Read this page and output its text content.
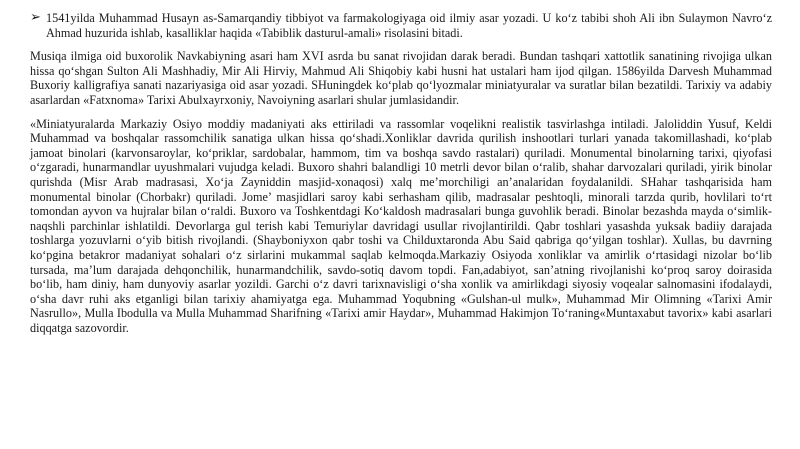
➢ 1541yilda Muhammad Husayn as-Samarqandiy tibbiyot va farmakologiyaga oid ilmiy asar yozadi. U ko‘z tabibi shoh Ali ibn Sulaymon Navro‘z Ahmad huzurida ishlab, kasalliklar haqida «Tabiblik dasturul-amali» risolasini bitadi.

Musiqa ilmiga oid buxorolik Navkabiyning asari ham XVI asrda bu sanat rivojidan darak beradi. Bundan tashqari xattotlik sanatining rivojiga ulkan hissa qo‘shgan Sulton Ali Mashhadiy, Mir Ali Hirviy, Mahmud Ali Shiqobiy kabi husni hat ustalari ham ijod qilgan. 1586yilda Darvesh Muhammad Buxoriy kalligrafiya sanati nazariyasiga oid asar yozadi. SHuningdek ko‘plab qo‘lyozmalar miniatyuralar va suratlar bilan bezatildi. Tarixiy va adabiy asarlardan «Fatxnoma» Tarixi Abulxayrxoniy, Navoiyning asarlari shular jumlasidandir.

«Miniatyuralarda Markaziy Osiyo moddiy madaniyati aks ettiriladi va rassomlar voqelikni realistik tasvirlashga intiladi. Jaloliddin Yusuf, Keldi Muhammad va boshqalar rassomchilik sanatiga ulkan hissa qo‘shadi.Xonliklar davrida qurilish inshootlari turlari yanada takomillashadi, ko‘plab jamoat binolari (karvonsaroylar, ko‘priklar, sardobalar, hammom, tim va boshqa savdo rastalari) quriladi. Monumental binolarning tarixi, qiyofasi o‘zgaradi, hunarmandlar uyushmalari vujudga keladi. Buxoro shahri balandligi 10 metrli devor bilan o‘ralib, shahar darvozalari quriladi, yirik binolar qurishda (Misr Arab madrasasi, Xo‘ja Zayniddin masjid-xonaqosi) xalq me’morchiligi an’analaridan foydalanildi. SHahar tashqarisida ham monumental binolar (Chorbakr) quriladi. Jome’ masjidlari saroy kabi serhasham qilib, madrasalar peshtoqli, minorali tarzda qurib, hovlilari to‘rt tomondan ayvon va hujralar bilan o‘raldi. Buxoro va Toshkentdagi Ko‘kaldosh madrasalari bunga guvohlik beradi. Binolar bezashda mayda o‘simlik-naqshli parchinlar ishlatildi. Devorlarga gul terish kabi Temuriylar davridagi usullar rivojlantirildi. Qabr toshlari yasashda yuksak badiiy darajada toshlarga yozuvlarni o‘yib bitish rivojlandi. (Shayboniyxon qabr toshi va Childuxtaronda Abu Said qabriga qo‘yilgan toshlar). Xullas, bu davrning ko‘pgina betakror madaniyat sohalari o‘z sirlarini mukammal saqlab kelmoqda.Markaziy Osiyoda xonliklar va amirlik o‘rtasidagi nizolar bo‘lib tursada, ma’lum darajada dehqonchilik, hunarmandchilik, savdo-sotiq davom topdi. Fan,adabiyot, san’atning rivojlanishi ko‘proq saroy doirasida bo‘lib, ham diniy, ham dunyoviy asarlar yozildi. Garchi o‘z davri tarixnavisligi o‘sha xonlik va amirlikdagi siyosiy voqealar salnomasini ifodalaydi, o‘sha davr ruhi aks etganligi bilan tarixiy ahamiyatga ega. Muhammad Yoqubning «Gulshan-ul mulk», Muhammad Mir Olimning «Tarixi Amir Nasrullo», Mulla Ibodulla va Mulla Muhammad Sharifning «Tarixi amir Haydar», Muhammad Hakimjon To‘raning«Muntaxabut tavorix» kabi asarlari diqqatga sazovordir.
